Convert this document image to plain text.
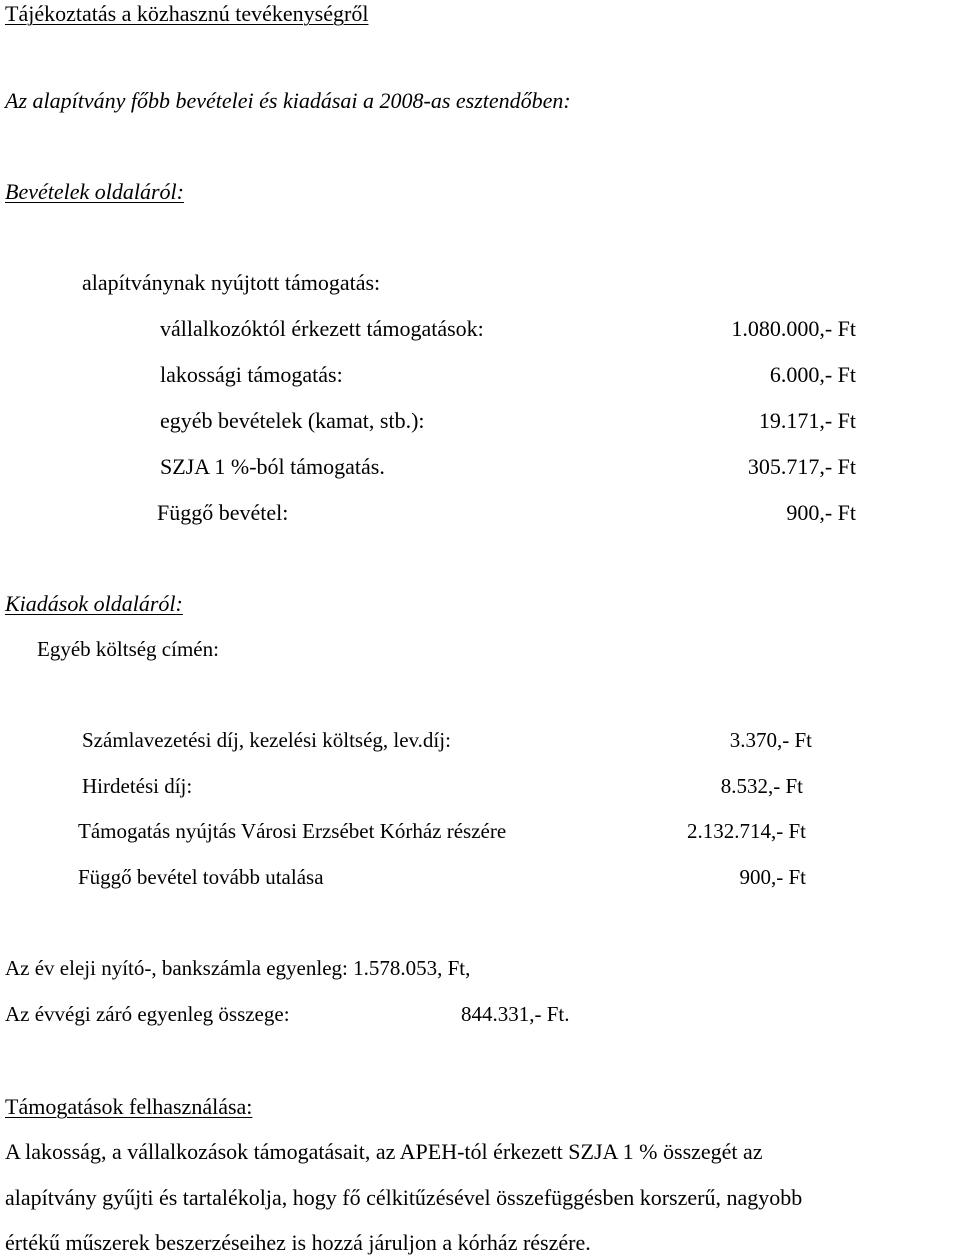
Tájékoztatás a közhasznú tevékenységről
Az alapítvány főbb bevételei és kiadásai a 2008-as esztendőben:
Bevételek oldaláról:
alapítványnak nyújtott támogatás:
vállalkozóktól érkezett támogatások:	1.080.000,- Ft
lakossági támogatás:	6.000,- Ft
egyéb bevételek (kamat, stb.):	19.171,- Ft
SZJA 1 %-ból támogatás.	305.717,- Ft
Függő bevétel:	900,- Ft
Kiadások oldaláról:
Egyéb költség címén:
Számlavezetési díj, kezelési költség, lev.díj:	3.370,- Ft
Hirdetési díj:	8.532,- Ft
Támogatás nyújtás Városi Erzsébet Kórház részére	2.132.714,- Ft
Függő bevétel tovább utalása	900,- Ft
Az év eleji nyító-, bankszámla egyenleg: 1.578.053, Ft,
Az évvégi záró egyenleg összege:	844.331,- Ft.
Támogatások felhasználása:
A lakosság, a vállalkozások támogatásait, az APEH-tól érkezett SZJA 1 % összegét az
alapítvány gyűjti és tartalékolja, hogy fő célkitűzésével összefüggésben korszerű, nagyobb
értékű műszerek beszerzéseihez is hozzá járuljon a kórház részére.
